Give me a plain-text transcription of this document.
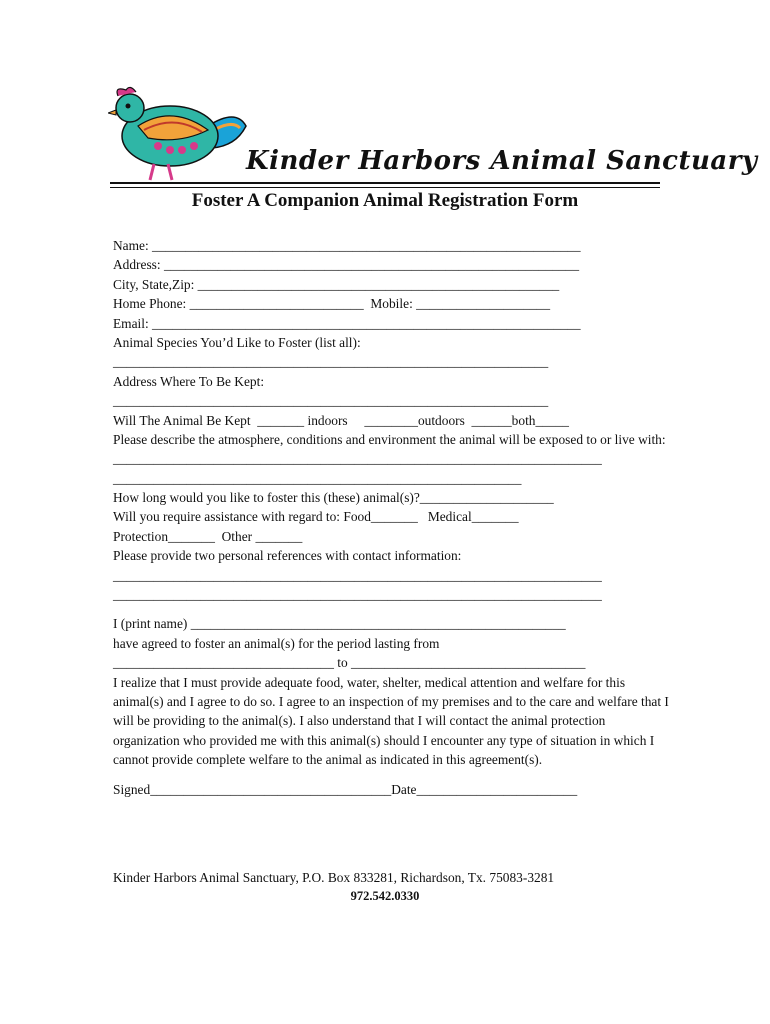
Kinder Harbors Animal Sanctuary
Foster A Companion Animal Registration Form
Name: ________________________________________________________________
Address: ______________________________________________________________
City, State,Zip: ______________________________________________________
Home Phone: __________________________  Mobile: ____________________
Email: ________________________________________________________________
Animal Species You’d Like to Foster (list all):
_________________________________________________________________
Address Where To Be Kept:
_________________________________________________________________
Will The Animal Be Kept  _______ indoors     ________outdoors  ______both_____
Please describe the atmosphere, conditions and environment the animal will be exposed to or live with:
_________________________________________________________________________
_____________________________________________________________
How long would you like to foster this (these) animal(s)?____________________
Will you require assistance with regard to: Food_______   Medical_______
Protection_______  Other _______
Please provide two personal references with contact information:
_________________________________________________________________________
_________________________________________________________________________
I (print name) ________________________________________________________
have agreed to foster an animal(s) for the period lasting from
_________________________________ to ___________________________________
I realize that I must provide adequate food, water, shelter, medical attention and welfare for this animal(s) and I agree to do so. I agree to an inspection of my premises and to the care and welfare that I will be providing to the animal(s). I also understand that I will contact the animal protection organization who provided me with this animal(s) should I encounter any type of situation in which I cannot provide complete welfare to the animal as indicated in this agreement(s).
Signed____________________________________Date________________________
Kinder Harbors Animal Sanctuary, P.O. Box 833281, Richardson, Tx. 75083-3281
972.542.0330
